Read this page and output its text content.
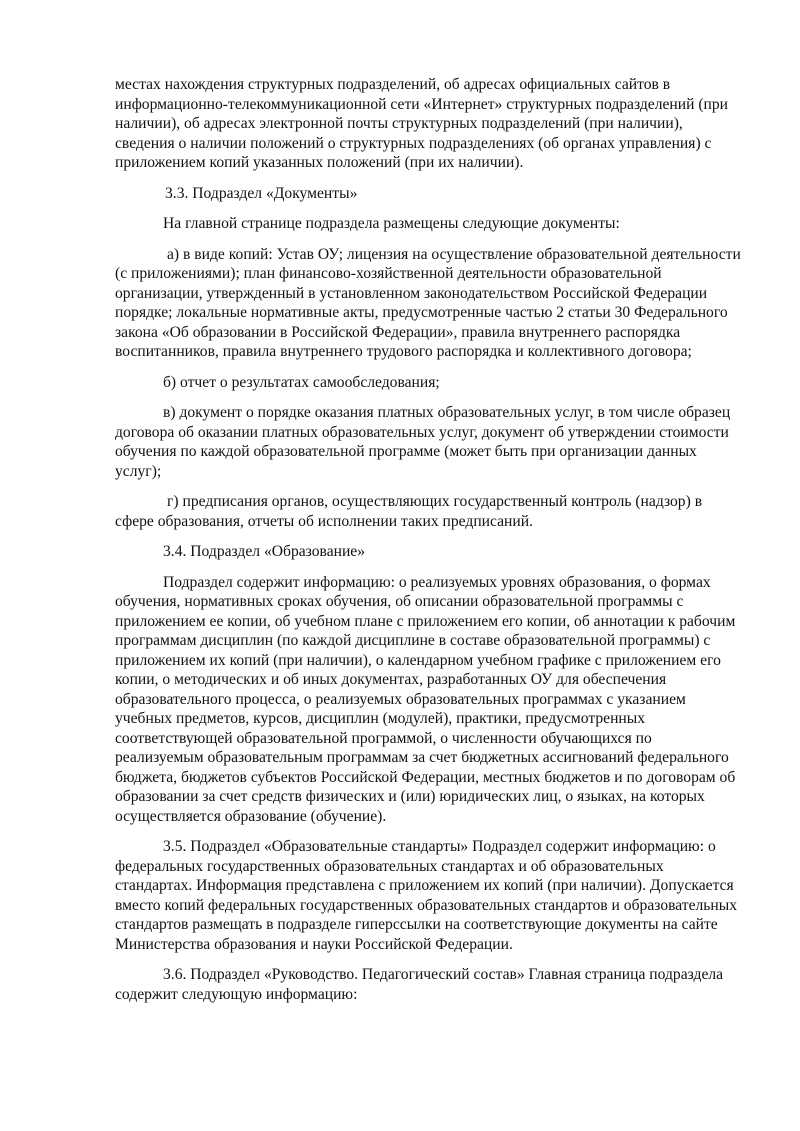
местах нахождения структурных подразделений, об адресах официальных сайтов в информационно-телекоммуникационной сети «Интернет» структурных подразделений (при наличии), об адресах электронной почты структурных подразделений (при наличии), сведения о наличии положений о структурных подразделениях (об органах управления) с приложением копий указанных положений (при их наличии).

3.3. Подраздел «Документы»

На главной странице подраздела размещены следующие документы:

а) в виде копий: Устав ОУ; лицензия на осуществление образовательной деятельности (с приложениями); план финансово-хозяйственной деятельности образовательной организации, утвержденный в установленном законодательством Российской Федерации порядке; локальные нормативные акты, предусмотренные частью 2 статьи 30 Федерального закона «Об образовании в Российской Федерации», правила внутреннего распорядка воспитанников, правила внутреннего трудового распорядка и коллективного договора;

б) отчет о результатах самообследования;

в) документ о порядке оказания платных образовательных услуг, в том числе образец договора об оказании платных образовательных услуг, документ об утверждении стоимости обучения по каждой образовательной программе (может быть при организации данных услуг);

г) предписания органов, осуществляющих государственный контроль (надзор) в сфере образования, отчеты об исполнении таких предписаний.

3.4. Подраздел «Образование»

Подраздел содержит информацию: о реализуемых уровнях образования, о формах обучения, нормативных сроках обучения, об описании образовательной программы с приложением ее копии, об учебном плане с приложением его копии, об аннотации к рабочим программам дисциплин (по каждой дисциплине в составе образовательной программы) с приложением их копий (при наличии), о календарном учебном графике с приложением его копии, о методических и об иных документах, разработанных ОУ для обеспечения образовательного процесса, о реализуемых образовательных программах с указанием учебных предметов, курсов, дисциплин (модулей), практики, предусмотренных соответствующей образовательной программой, о численности обучающихся по реализуемым образовательным программам за счет бюджетных ассигнований федерального бюджета, бюджетов субъектов Российской Федерации, местных бюджетов и по договорам об образовании за счет средств физических и (или) юридических лиц, о языках, на которых осуществляется образование (обучение).

3.5. Подраздел «Образовательные стандарты» Подраздел содержит информацию: о федеральных государственных образовательных стандартах и об образовательных стандартах. Информация представлена с приложением их копий (при наличии). Допускается вместо копий федеральных государственных образовательных стандартов и образовательных стандартов размещать в подразделе гиперссылки на соответствующие документы на сайте Министерства образования и науки Российской Федерации.

3.6. Подраздел «Руководство. Педагогический состав» Главная страница подраздела содержит следующую информацию:
